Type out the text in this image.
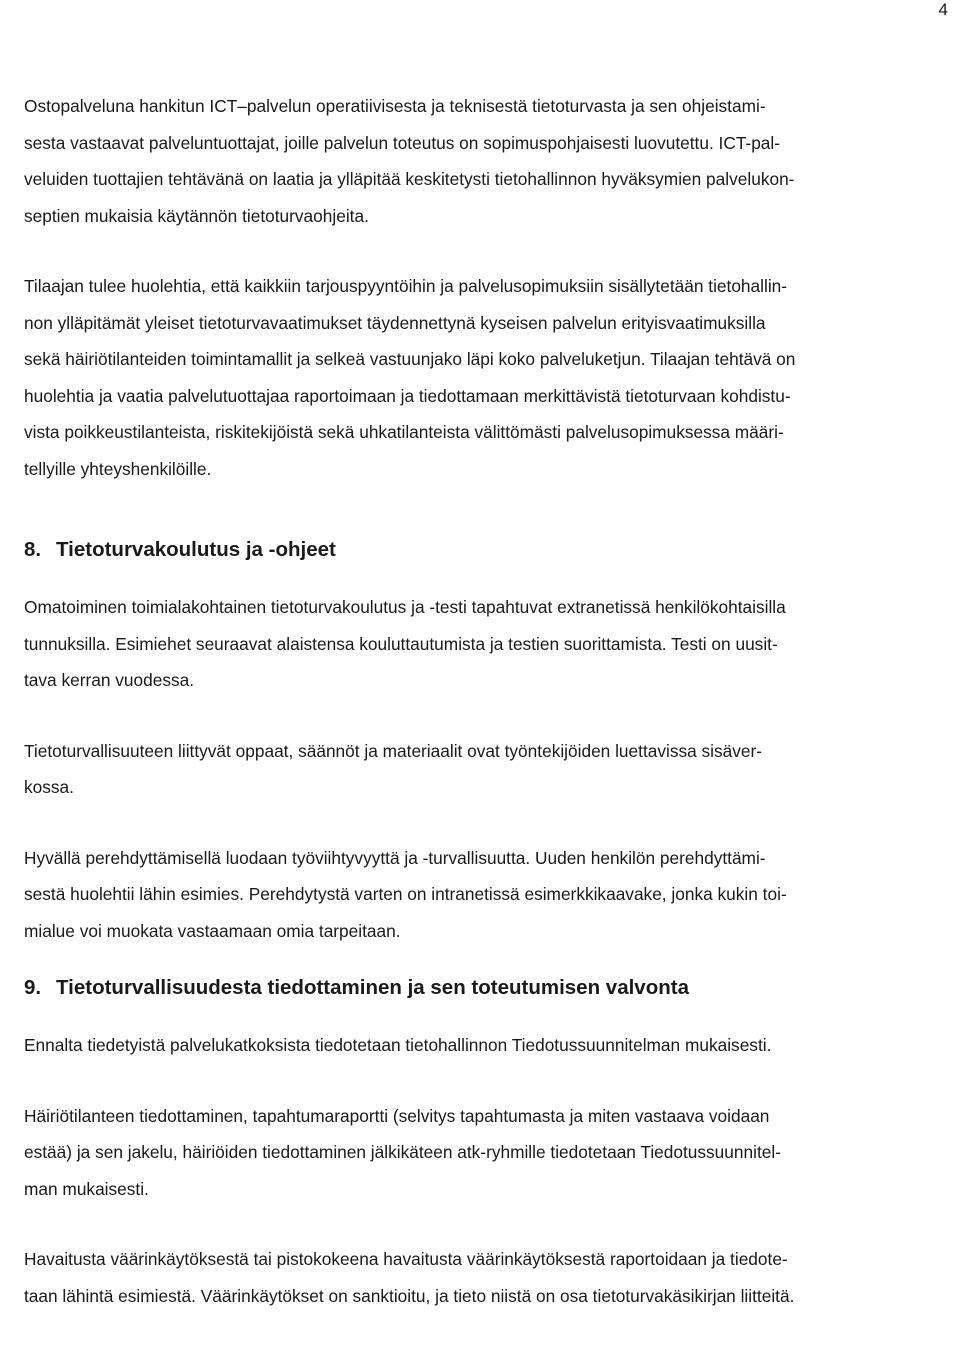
4

Ostopalveluna hankitun ICT–palvelun operatiivisesta ja teknisestä tietoturvasta ja sen ohjeistami-
sesta vastaavat palveluntuottajat, joille palvelun toteutus on sopimuspohjaisesti luovutettu. ICT-pal-
veluiden tuottajien tehtävänä on laatia ja ylläpitää keskitetysti tietohallinnon hyväksymien palvelukon-
septien mukaisia käytännön tietoturvaohjeita.

Tilaajan tulee huolehtia, että kaikkiin tarjouspyyntöihin ja palvelusopimuksiin sisällytetään tietohallin-
non ylläpitämät yleiset tietoturvavaatimukset täydennettynä kyseisen palvelun erityisvaatimuksilla
sekä häiriötilanteiden toimintamallit ja selkeä vastuunjako läpi koko palveluketjun. Tilaajan tehtävä on
huolehtia ja vaatia palvelutuottajaa raportoimaan ja tiedottamaan merkittävistä tietoturvaan kohdistu-
vista poikkeustilanteista, riskitekijöistä sekä uhkatilanteista välittömästi palvelusopimuksessa määri-
tellyille yhteyshenkilöille.

8. Tietoturvakoulutus ja -ohjeet

Omatoiminen toimialakohtainen tietoturvakoulutus ja -testi tapahtuvat extranetissä henkilökohtaisilla
tunnuksilla. Esimiehet seuraavat alaistensa kouluttautumista ja testien suorittamista. Testi on uusit-
tava kerran vuodessa.

Tietoturvallisuuteen liittyvät oppaat, säännöt ja materiaalit ovat työntekijöiden luettavissa sisäver-
kossa.

Hyvällä perehdyttämisellä luodaan työviihtyvyyttä ja -turvallisuutta. Uuden henkilön perehdyttämi-
sestä huolehtii lähin esimies. Perehdytystä varten on intranetissä esimerkkikaavake, jonka kukin toi-
mialue voi muokata vastaamaan omia tarpeitaan.

9. Tietoturvallisuudesta tiedottaminen ja sen toteutumisen valvonta

Ennalta tiedetyistä palvelukatkoksista tiedotetaan tietohallinnon Tiedotussuunnitelman mukaisesti.

Häiriötilanteen tiedottaminen, tapahtumaraportti (selvitys tapahtumasta ja miten vastaava voidaan
estää) ja sen jakelu, häiriöiden tiedottaminen jälkikäteen atk-ryhmille tiedotetaan Tiedotussuunnitel-
man mukaisesti.

Havaitusta väärinkäytöksestä tai pistokokeena havaitusta väärinkäytöksestä raportoidaan ja tiedote-
taan lähintä esimiestä. Väärinkäytökset on sanktioitu, ja tieto niistä on osa tietoturvakäsikirjan liitteitä.
